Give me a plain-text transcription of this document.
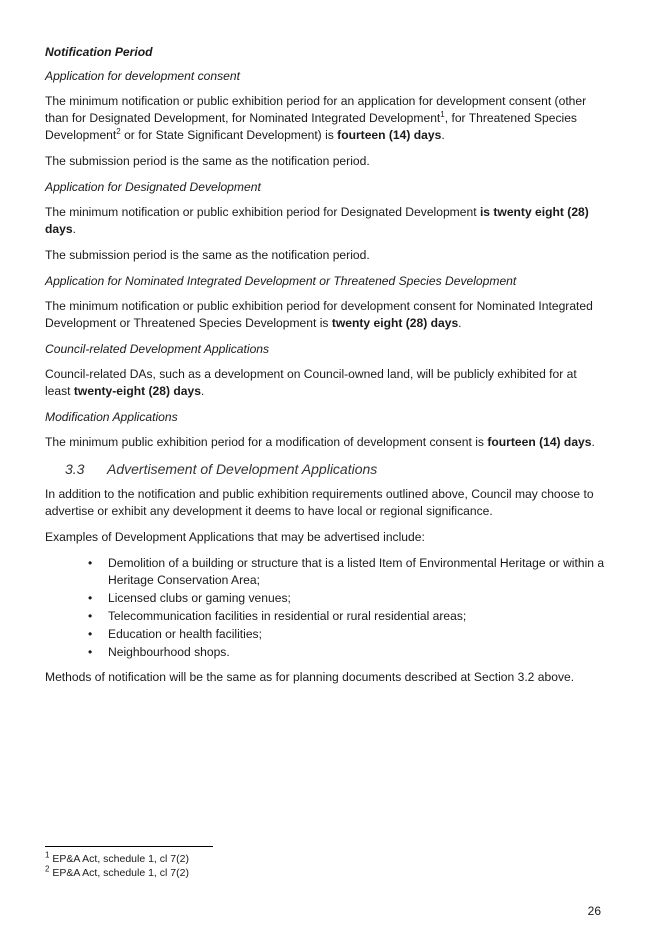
Notification Period

Application for development consent

The minimum notification or public exhibition period for an application for development consent (other than for Designated Development, for Nominated Integrated Development$^1$, for Threatened Species Development$^2$ or for State Significant Development) is fourteen (14) days.

The submission period is the same as the notification period.

Application for Designated Development

The minimum notification or public exhibition period for Designated Development is twenty eight (28) days.

The submission period is the same as the notification period.

Application for Nominated Integrated Development or Threatened Species Development

The minimum notification or public exhibition period for development consent for Nominated Integrated Development or Threatened Species Development is twenty eight (28) days.

Council-related Development Applications

Council-related DAs, such as a development on Council-owned land, will be publicly exhibited for at least twenty-eight (28) days.

Modification Applications

The minimum public exhibition period for a modification of development consent is fourteen (14) days.

3.3 Advertisement of Development Applications

In addition to the notification and public exhibition requirements outlined above, Council may choose to advertise or exhibit any development it deems to have local or regional significance.

Examples of Development Applications that may be advertised include:

• Demolition of a building or structure that is a listed Item of Environmental Heritage or within a Heritage Conservation Area;
• Licensed clubs or gaming venues;
• Telecommunication facilities in residential or rural residential areas;
• Education or health facilities;
• Neighbourhood shops.

Methods of notification will be the same as for planning documents described at Section 3.2 above.

$^1$ EP&A Act, schedule 1, cl 7(2)
$^2$ EP&A Act, schedule 1, cl 7(2)
26
